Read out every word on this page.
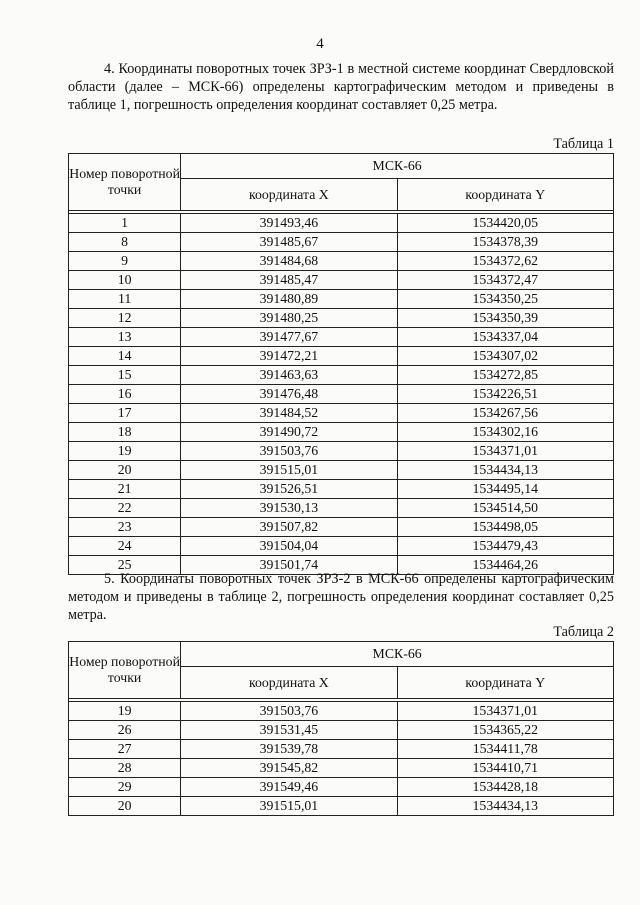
4
4. Координаты поворотных точек ЗРЗ-1 в местной системе координат Свердловской области (далее – МСК-66) определены картографическим методом и приведены в таблице 1, погрешность определения координат составляет 0,25 метра.
Таблица 1
Номер поворотной точки	МСК-66	
	координата X	координата Y

1	391493,46	1534420,05
8	391485,67	1534378,39
9	391484,68	1534372,62
10	391485,47	1534372,47
11	391480,89	1534350,25
12	391480,25	1534350,39
13	391477,67	1534337,04
14	391472,21	1534307,02
15	391463,63	1534272,85
16	391476,48	1534226,51
17	391484,52	1534267,56
18	391490,72	1534302,16
19	391503,76	1534371,01
20	391515,01	1534434,13
21	391526,51	1534495,14
22	391530,13	1534514,50
23	391507,82	1534498,05
24	391504,04	1534479,43
25	391501,74	1534464,26
5. Координаты поворотных точек ЗРЗ-2 в МСК-66 определены картографическим методом и приведены в таблице 2, погрешность определения координат составляет 0,25 метра.
Таблица 2
Номер поворотной точки	МСК-66	
	координата X	координата Y

19	391503,76	1534371,01
26	391531,45	1534365,22
27	391539,78	1534411,78
28	391545,82	1534410,71
29	391549,46	1534428,18
20	391515,01	1534434,13
